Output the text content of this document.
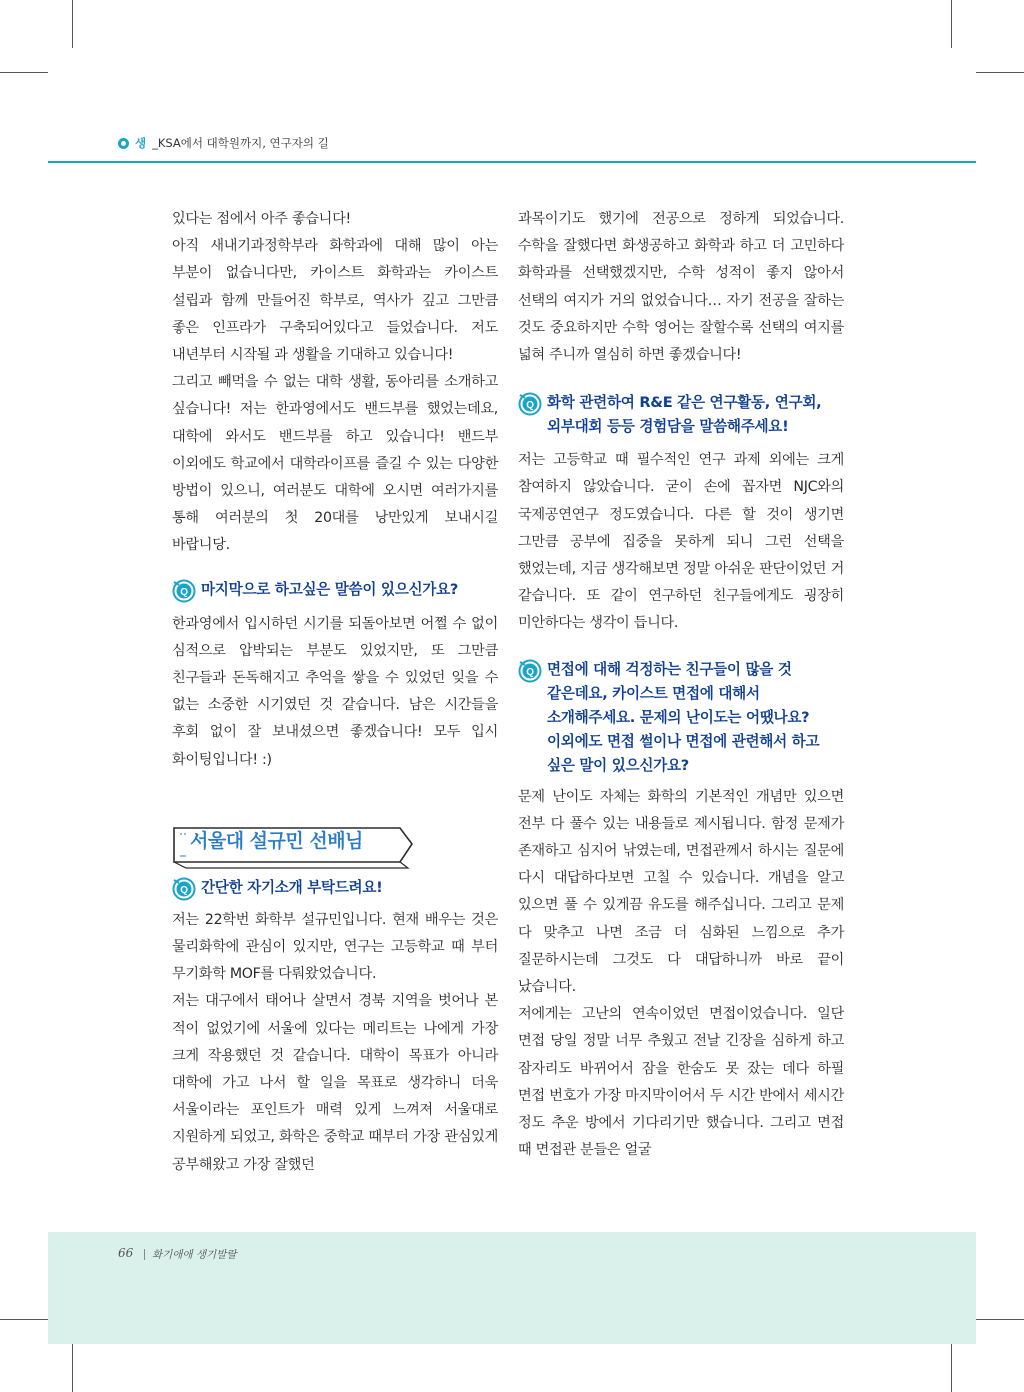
생 _KSA에서 대학원까지, 연구자의 길

있다는 점에서 아주 좋습니다!

아직 새내기과정학부라 화학과에 대해 많이 아는 부분이 없습니다만, 카이스트 화학과는 카이스트 설립과 함께 만들어진 학부로, 역사가 깊고 그만큼 좋은 인프라가 구축되어있다고 들었습니다. 저도 내년부터 시작될 과 생활을 기대하고 있습니다!

그리고 빼먹을 수 없는 대학 생활, 동아리를 소개하고 싶습니다! 저는 한과영에서도 밴드부를 했었는데요, 대학에 와서도 밴드부를 하고 있습니다! 밴드부 이외에도 학교에서 대학라이프를 즐길 수 있는 다양한 방법이 있으니, 여러분도 대학에 오시면 여러가지를 통해 여러분의 첫 20대를 낭만있게 보내시길 바랍니당.

Q 마지막으로 하고싶은 말씀이 있으신가요?

한과영에서 입시하던 시기를 되돌아보면 어쩔 수 없이 심적으로 압박되는 부분도 있었지만, 또 그만큼 친구들과 돈독해지고 추억을 쌓을 수 있었던 잊을 수 없는 소중한 시기였던 것 같습니다. 남은 시간들을 후회 없이 잘 보내셨으면 좋겠습니다! 모두 입시 화이팅입니다! :)

서울대 설규민 선배님
Q 간단한 자기소개 부탁드려요!

저는 22학번 화학부 설규민입니다. 현재 배우는 것은 물리화학에 관심이 있지만, 연구는 고등학교 때 부터 무기화학 MOF를 다뤄왔었습니다.

저는 대구에서 태어나 살면서 경북 지역을 벗어나 본 적이 없었기에 서울에 있다는 메리트는 나에게 가장 크게 작용했던 것 같습니다. 대학이 목표가 아니라 대학에 가고 나서 할 일을 목표로 생각하니 더욱 서울이라는 포인트가 매력 있게 느껴져 서울대로 지원하게 되었고, 화학은 중학교 때부터 가장 관심있게 공부해왔고 가장 잘했던

과목이기도 했기에 전공으로 정하게 되었습니다. 수학을 잘했다면 화생공하고 화학과 하고 더 고민하다 화학과를 선택했겠지만, 수학 성적이 좋지 않아서 선택의 여지가 거의 없었습니다… 자기 전공을 잘하는 것도 중요하지만 수학 영어는 잘할수록 선택의 여지를 넓혀 주니까 열심히 하면 좋겠습니다!

Q 화학 관련하여 R&E 같은 연구활동, 연구회, 외부대회 등등 경험담을 말씀해주세요!

저는 고등학교 때 필수적인 연구 과제 외에는 크게 참여하지 않았습니다. 굳이 손에 꼽자면 NJC와의 국제공연연구 정도였습니다. 다른 할 것이 생기면 그만큼 공부에 집중을 못하게 되니 그런 선택을 했었는데, 지금 생각해보면 정말 아쉬운 판단이었던 거 같습니다. 또 같이 연구하던 친구들에게도 굉장히 미안하다는 생각이 듭니다.

Q 면접에 대해 걱정하는 친구들이 많을 것 같은데요, 카이스트 면접에 대해서 소개해주세요. 문제의 난이도는 어땠나요? 이외에도 면접 썰이나 면접에 관련해서 하고 싶은 말이 있으신가요?

문제 난이도 자체는 화학의 기본적인 개념만 있으면 전부 다 풀수 있는 내용들로 제시됩니다. 함정 문제가 존재하고 심지어 낚였는데, 면접관께서 하시는 질문에 다시 대답하다보면 고칠 수 있습니다. 개념을 알고 있으면 풀 수 있게끔 유도를 해주십니다. 그리고 문제 다 맞추고 나면 조금 더 심화된 느낌으로 추가 질문하시는데 그것도 다 대답하니까 바로 끝이 났습니다.

저에게는 고난의 연속이었던 면접이었습니다. 일단 면접 당일 정말 너무 추웠고 전날 긴장을 심하게 하고 잠자리도 바뀌어서 잠을 한숨도 못 잤는 데다 하필 면접 번호가 가장 마지막이어서 두 시간 반에서 세시간 정도 추운 방에서 기다리기만 했습니다. 그리고 면접 때 면접관 분들은 얼굴

66 화기애애 생기발랄
